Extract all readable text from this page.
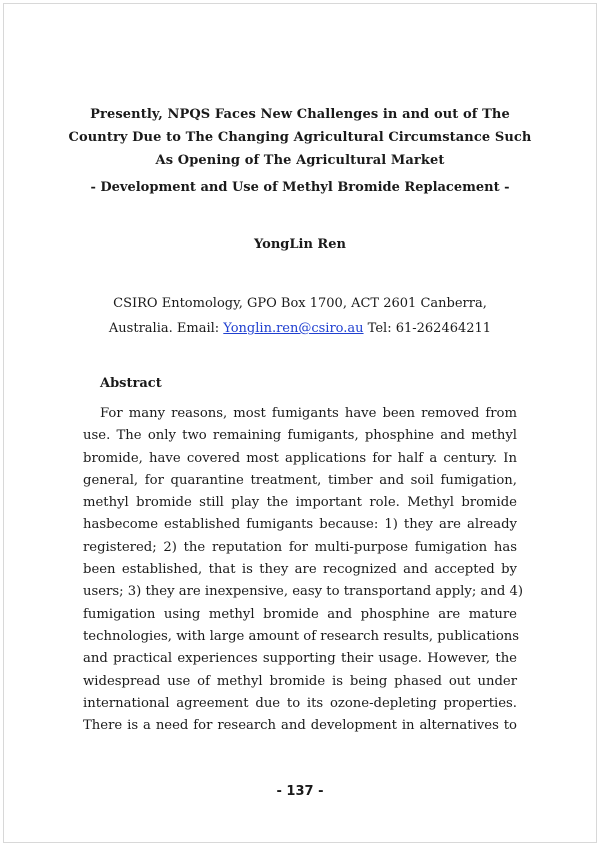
Presently, NPQS Faces New Challenges in and out of The
Country Due to The Changing Agricultural Circumstance Such
As Opening of The Agricultural Market
- Development and Use of Methyl Bromide Replacement -
YongLin Ren
CSIRO Entomology, GPO Box 1700, ACT 2601 Canberra,
Australia. Email: Yonglin.ren@csiro.au Tel: 61-262464211
Abstract
For many reasons, most fumigants have been removed from
use. The only two remaining fumigants, phosphine and methyl
bromide, have covered most applications for half a century. In
general, for quarantine treatment, timber and soil fumigation,
methyl bromide still play the important role. Methyl bromide
hasbecome established fumigants because: 1) they are already
registered; 2) the reputation for multi-purpose fumigation has
been established, that is they are recognized and accepted by
users; 3) they are inexpensive, easy to transportand apply; and 4)
fumigation using methyl bromide and phosphine are mature
technologies, with large amount of research results, publications
and practical experiences supporting their usage. However, the
widespread use of methyl bromide is being phased out under
international agreement due to its ozone-depleting properties.
There is a need for research and development in alternatives to
- 137 -
